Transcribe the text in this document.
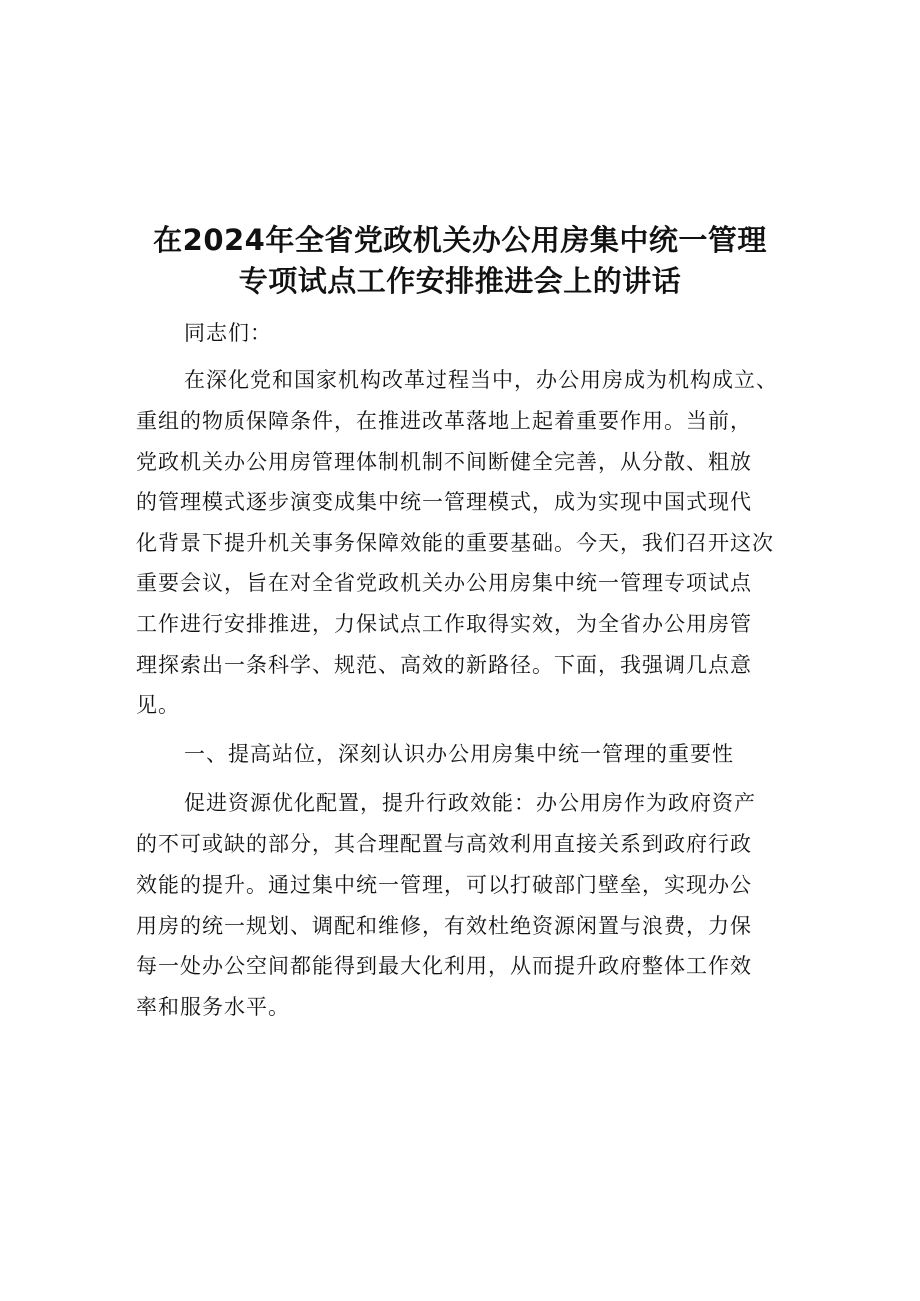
在2024年全省党政机关办公用房集中统一管理
专项试点工作安排推进会上的讲话
同志们：
在深化党和国家机构改革过程当中，办公用房成为机构成立、
重组的物质保障条件，在推进改革落地上起着重要作用。当前，
党政机关办公用房管理体制机制不间断健全完善，从分散、粗放
的管理模式逐步演变成集中统一管理模式，成为实现中国式现代
化背景下提升机关事务保障效能的重要基础。今天，我们召开这次
重要会议，旨在对全省党政机关办公用房集中统一管理专项试点
工作进行安排推进，力保试点工作取得实效，为全省办公用房管
理探索出一条科学、规范、高效的新路径。下面，我强调几点意
见。
一、提高站位，深刻认识办公用房集中统一管理的重要性
促进资源优化配置，提升行政效能：办公用房作为政府资产
的不可或缺的部分，其合理配置与高效利用直接关系到政府行政
效能的提升。通过集中统一管理，可以打破部门壁垒，实现办公
用房的统一规划、调配和维修，有效杜绝资源闲置与浪费，力保
每一处办公空间都能得到最大化利用，从而提升政府整体工作效
率和服务水平。
